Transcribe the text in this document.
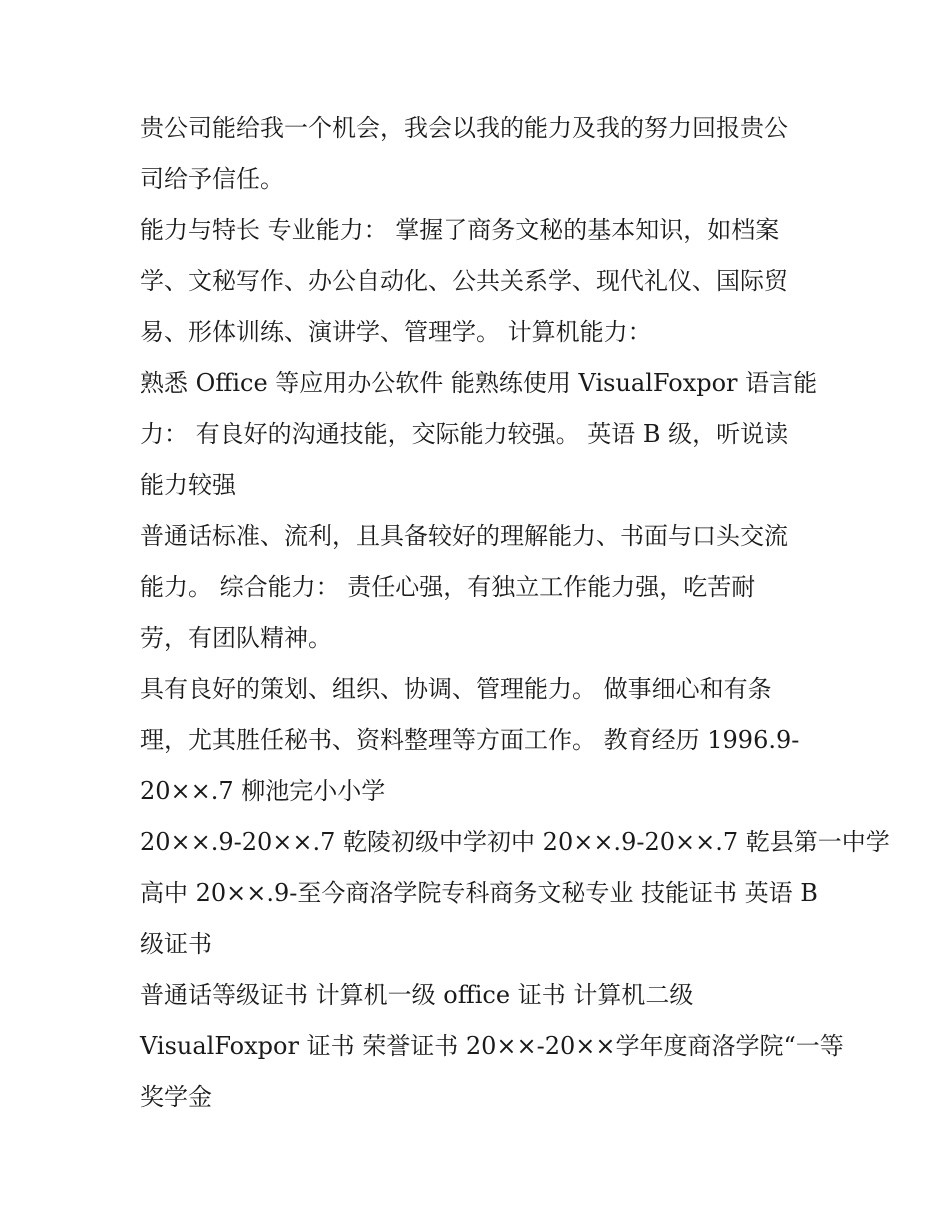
贵公司能给我一个机会，我会以我的能力及我的努力回报贵公
司给予信任。
能力与特长 专业能力： 掌握了商务文秘的基本知识，如档案
学、文秘写作、办公自动化、公共关系学、现代礼仪、国际贸
易、形体训练、演讲学、管理学。 计算机能力：
熟悉 Office 等应用办公软件 能熟练使用 VisualFoxpor 语言能
力： 有良好的沟通技能，交际能力较强。 英语 B 级，听说读
能力较强
普通话标准、流利，且具备较好的理解能力、书面与口头交流
能力。 综合能力： 责任心强，有独立工作能力强，吃苦耐
劳，有团队精神。
具有良好的策划、组织、协调、管理能力。 做事细心和有条
理，尤其胜任秘书、资料整理等方面工作。 教育经历 1996.9-
20××.7 柳池完小小学
20××.9-20××.7 乾陵初级中学初中 20××.9-20××.7 乾县第一中学
高中 20××.9-至今商洛学院专科商务文秘专业 技能证书 英语 B
级证书
普通话等级证书 计算机一级 office 证书 计算机二级
VisualFoxpor 证书 荣誉证书 20××-20××学年度商洛学院“一等
奖学金
